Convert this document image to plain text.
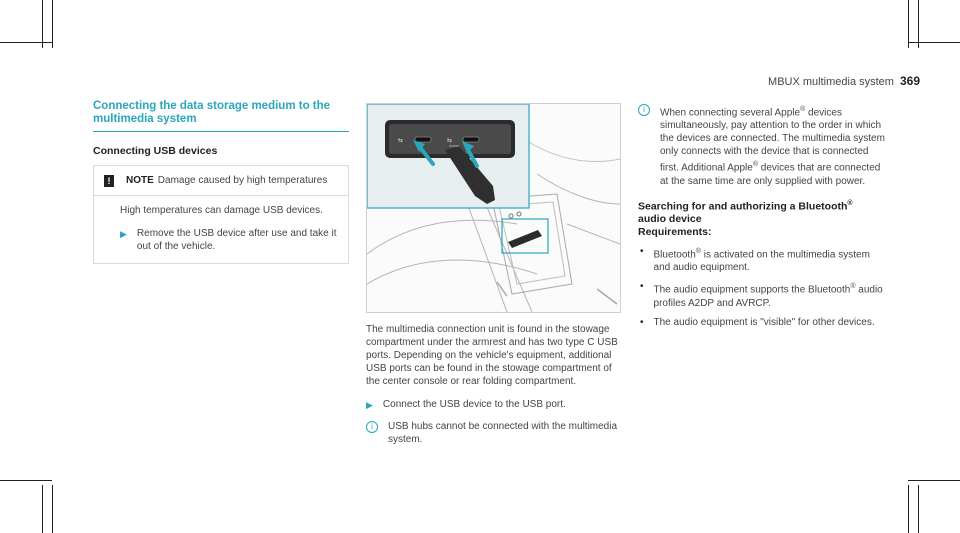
MBUX multimedia system 369
Connecting the data storage medium to the
multimedia system
Connecting USB devices
!	NOTE Damage caused by high temperatures
High temperatures can damage USB devices.
▶ Remove the USB device after use and take it out of the vehicle.
⇆	⇆

The multimedia connection unit is found in the stowage compartment under the armrest and has two type C USB ports. Depending on the vehicle's equipment, additional USB ports can be found in the stowage compartment of the center console or rear folding compartment.

▶ Connect the USB device to the USB port.
i	USB hubs cannot be connected with the multimedia system.
i	When connecting several Apple® devices simultaneously, pay attention to the order in which the devices are connected. The multimedia system only connects with the device that is connected first. Additional Apple® devices that are connected at the same time are only supplied with power.
Searching for and authorizing a Bluetooth®
audio device
Requirements:
• Bluetooth® is activated on the multimedia system and audio equipment.
• The audio equipment supports the Bluetooth® audio profiles A2DP and AVRCP.
• The audio equipment is "visible" for other devices.
